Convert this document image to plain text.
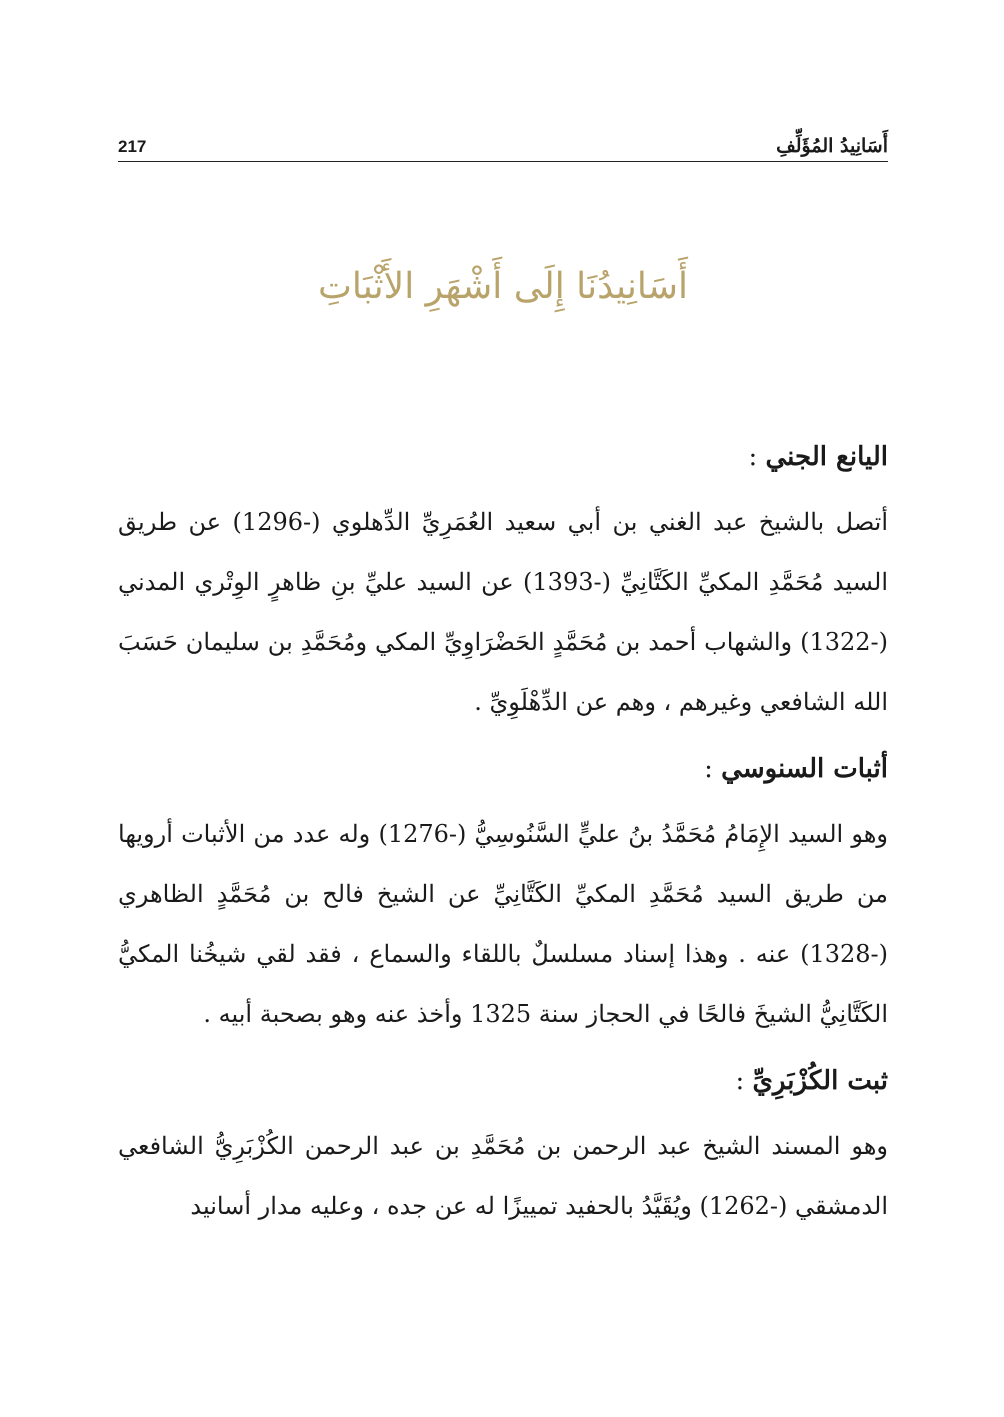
217	أَسَانِيدُ المُؤَلِّفِ
أَسَانِيدُنَا إِلَى أَشْهَرِ الأَثْبَاتِ

اليانع الجني :

أتصل بالشيخ عبد الغني بن أبي سعيد العُمَرِيِّ الدِّهلوي (-1296) عن طريق السيد مُحَمَّدِ المكيِّ الكَتَّانِيِّ (-1393) عن السيد عليِّ بنِ ظاهرٍ الوِتْري المدني (-1322) والشهاب أحمد بن مُحَمَّدٍ الحَضْرَاوِيِّ المكي ومُحَمَّدِ بن سليمان حَسَبَ الله الشافعي وغيرهم ، وهم عن الدِّهْلَوِيِّ .

أثبات السنوسي :

وهو السيد الإِمَامُ مُحَمَّدُ بنُ عليٍّ السَّنُوسِيُّ (-1276) وله عدد من الأثبات أرويها من طريق السيد مُحَمَّدِ المكيِّ الكَتَّانِيِّ عن الشيخ فالح بن مُحَمَّدٍ الظاهري (-1328) عنه . وهذا إسناد مسلسلٌ باللقاء والسماع ، فقد لقي شيخُنا المكيُّ الكَتَّانِيُّ الشيخَ فالحًا في الحجاز سنة 1325 وأخذ عنه وهو بصحبة أبيه .

ثبت الكُزْبَرِيِّ :

وهو المسند الشيخ عبد الرحمن بن مُحَمَّدِ بن عبد الرحمن الكُزْبَرِيُّ الشافعي الدمشقي (-1262) ويُقَيَّدُ بالحفيد تمييزًا له عن جده ، وعليه مدار أسانيد
